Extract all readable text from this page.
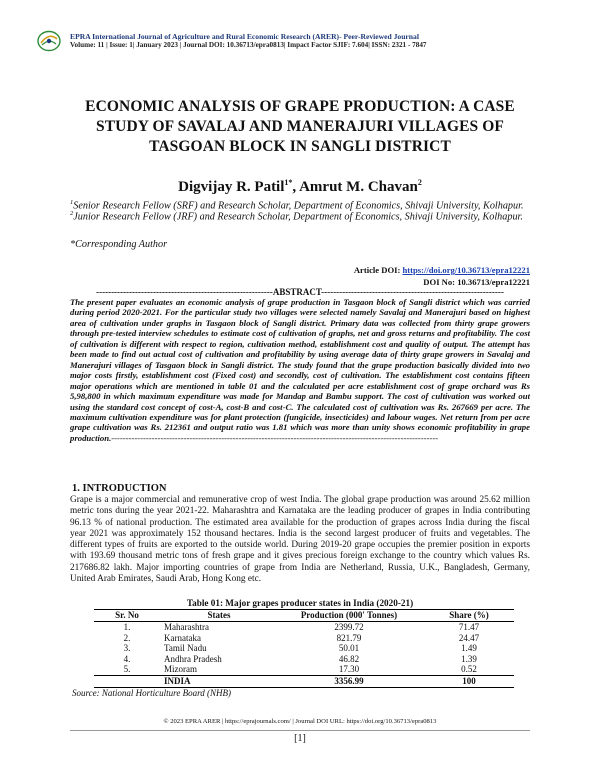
EPRA International Journal of Agriculture and Rural Economic Research (ARER)- Peer-Reviewed Journal
Volume: 11 | Issue: 1| January 2023 | Journal DOI: 10.36713/epra0813| Impact Factor SJIF: 7.604| ISSN: 2321 - 7847
ECONOMIC ANALYSIS OF GRAPE PRODUCTION: A CASE STUDY OF SAVALAJ AND MANERAJURI VILLAGES OF TASGOAN BLOCK IN SANGLI DISTRICT
Digvijay R. Patil$^{1*}$, Amrut M. Chavan$^2$
$^1$Senior Research Fellow (SRF) and Research Scholar, Department of Economics, Shivaji University, Kolhapur.
$^2$Junior Research Fellow (JRF) and Research Scholar, Department of Economics, Shivaji University, Kolhapur.
*Corresponding Author
Article DOI: https://doi.org/10.36713/epra12221
DOI No: 10.36713/epra12221
-----------------------------------------------------------ABSTRACT-------------------------------------------------------------
The present paper evaluates an economic analysis of grape production in Tasgaon block of Sangli district which was carried during period 2020-2021. For the particular study two villages were selected namely Savalaj and Manerajuri based on highest area of cultivation under graphs in Tasgaon block of Sangli district. Primary data was collected from thirty grape growers through pre-tested interview schedules to estimate cost of cultivation of graphs, net and gross returns and profitability. The cost of cultivation is different with respect to region, cultivation method, establishment cost and quality of output. The attempt has been made to find out actual cost of cultivation and profitability by using average data of thirty grape growers in Savalaj and Manerajuri villages of Tasgaon block in Sangli district. The study found that the grape production basically divided into two major costs firstly, establishment cost (Fixed cost) and secondly, cost of cultivation. The establishment cost contains fifteen major operations which are mentioned in table 01 and the calculated per acre establishment cost of grape orchard was Rs 5,98,800 in which maximum expenditure was made for Mandap and Bambu support. The cost of cultivation was worked out using the standard cost concept of cost-A, cost-B and cost-C. The calculated cost of cultivation was Rs. 267669 per acre. The maximum cultivation expenditure was for plant protection (fungicide, insecticides) and labour wages. Net return from per acre grape cultivation was Rs. 212361 and output ratio was 1.81 which was more than unity shows economic profitability in grape production.-----------------------------------------------------------------------------------------------------------------
1. INTRODUCTION
Grape is a major commercial and remunerative crop of west India. The global grape production was around 25.62 million metric tons during the year 2021-22. Maharashtra and Karnataka are the leading producer of grapes in India contributing 96.13 % of national production. The estimated area available for the production of grapes across India during the fiscal year 2021 was approximately 152 thousand hectares. India is the second largest producer of fruits and vegetables. The different types of fruits are exported to the outside world. During 2019-20 grape occupies the premier position in exports with 193.69 thousand metric tons of fresh grape and it gives precious foreign exchange to the country which values Rs. 217686.82 lakh. Major importing countries of grape from India are Netherland, Russia, U.K., Bangladesh, Germany, United Arab Emirates, Saudi Arab, Hong Kong etc.
Table 01: Major grapes producer states in India (2020-21)
Sr. No	States	Production (000' Tonnes)	Share (%)
1.	Maharashtra	2399.72	71.47
2.	Karnataka	821.79	24.47
3.	Tamil Nadu	50.01	1.49
4.	Andhra Pradesh	46.82	1.39
5.	Mizoram	17.30	0.52
	INDIA	3356.99	100
Source: National Horticulture Board (NHB)
© 2023 EPRA ARER | https://eprajournals.com/ | Journal DOI URL: https://doi.org/10.36713/epra0813
[1]
